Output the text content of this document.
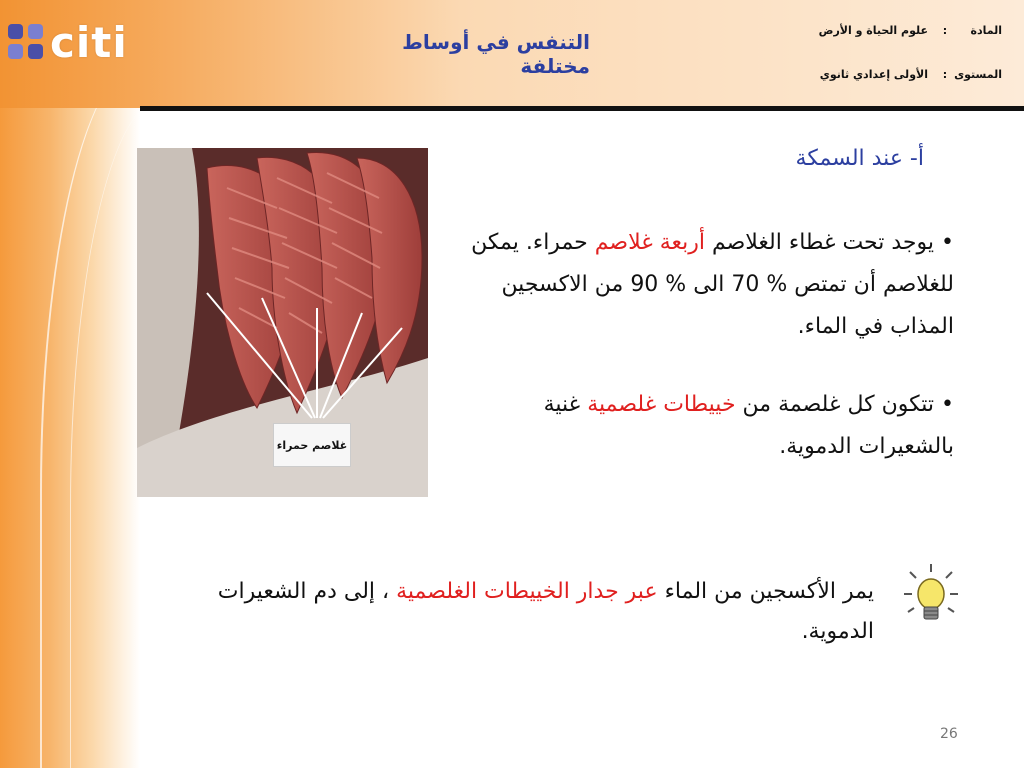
citi	التنفس في أوساط مختلفة
المادة
:
علوم الحياة و الأرض
المستوى
:
الأولى إعدادي ثانوي
غلاصم حمراء
أ- عند السمكة
• يوجد تحت غطاء الغلاصم أربعة غلاصم حمراء. يمكن للغلاصم أن تمتص % 70 الى % 90 من الاكسجين المذاب في الماء.
• تتكون كل غلصمة من خييطات غلصمية غنية بالشعيرات الدموية.
يمر الأكسجين من الماء عبر جدار الخييطات الغلصمية ، إلى دم الشعيرات الدموية.
26
